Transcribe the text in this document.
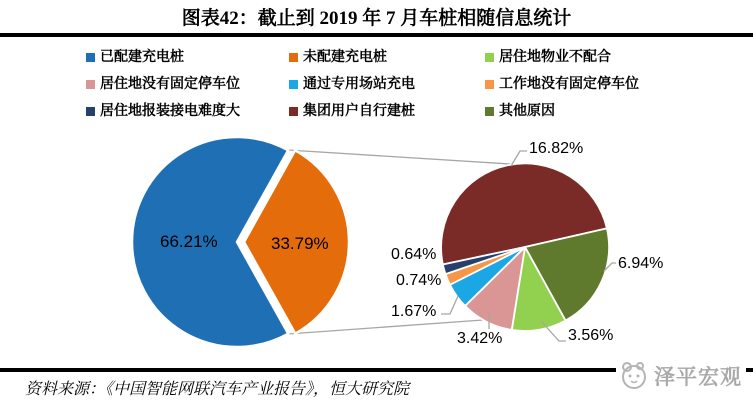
图表42：截止到 2019 年 7 月车桩相随信息统计
已配建充电桩	未配建充电桩	居住地物业不配合
居住地没有固定停车位	通过专用场站充电	工作地没有固定停车位
居住地报装接电难度大	集团用户自行建桩	其他原因
66.21%	33.79%
16.82%
6.94%
3.56%
3.42%
1.67%
0.74%
0.64%
资料来源：《中国智能网联汽车产业报告》，恒大研究院
泽平宏观
